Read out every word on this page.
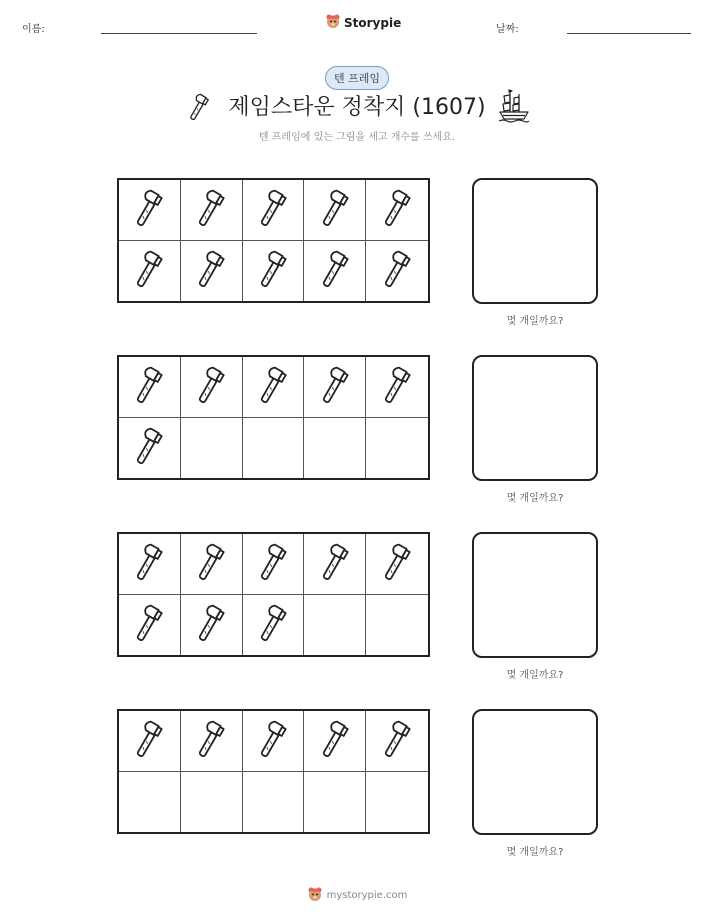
이름:	Storypie	날짜:
텐 프레임
제임스타운 정착지 (1607)
텐 프레임에 있는 그림을 세고 개수를 쓰세요.
몇 개일까요?
몇 개일까요?
몇 개일까요?
몇 개일까요?
mystorypie.com
